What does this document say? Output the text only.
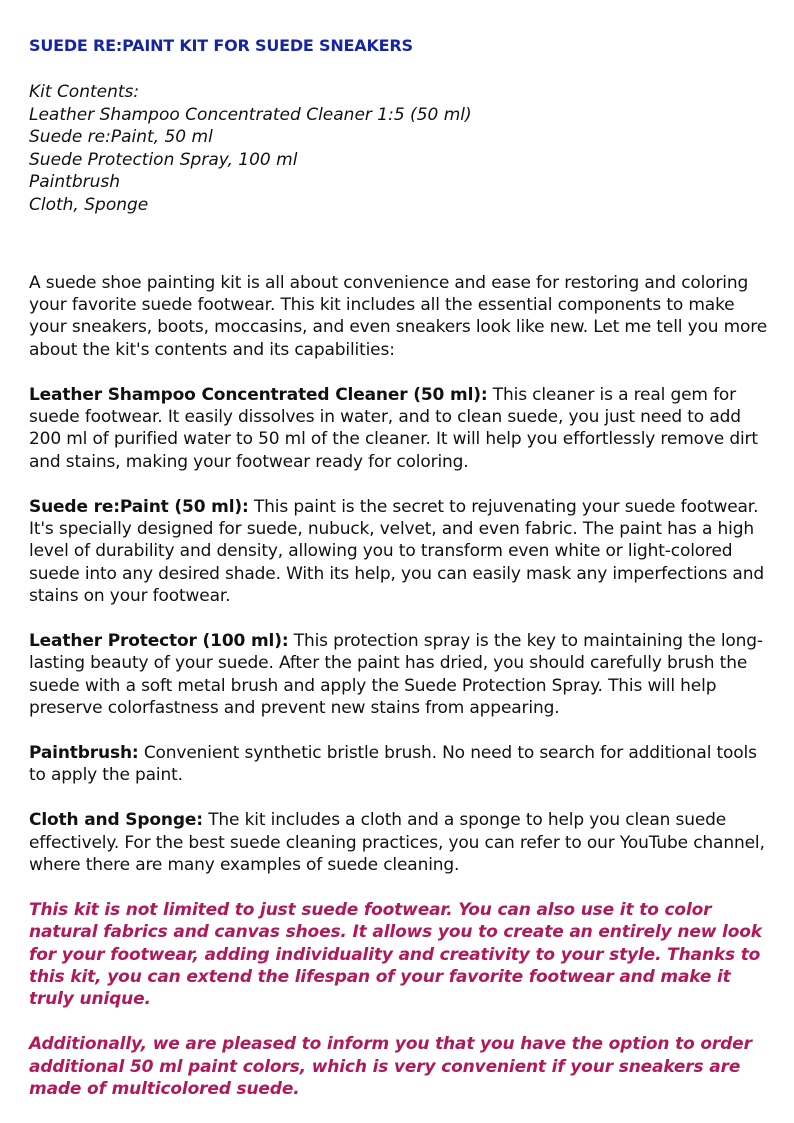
SUEDE RE:PAINT KIT FOR SUEDE SNEAKERS
Kit Contents:
Leather Shampoo Concentrated Cleaner 1:5 (50 ml)
Suede re:Paint, 50 ml
Suede Protection Spray, 100 ml
Paintbrush
Cloth, Sponge

A suede shoe painting kit is all about convenience and ease for restoring and coloring your favorite suede footwear. This kit includes all the essential components to make your sneakers, boots, moccasins, and even sneakers look like new. Let me tell you more about the kit's contents and its capabilities:

Leather Shampoo Concentrated Cleaner (50 ml): This cleaner is a real gem for suede footwear. It easily dissolves in water, and to clean suede, you just need to add 200 ml of purified water to 50 ml of the cleaner. It will help you effortlessly remove dirt and stains, making your footwear ready for coloring.

Suede re:Paint (50 ml): This paint is the secret to rejuvenating your suede footwear. It's specially designed for suede, nubuck, velvet, and even fabric. The paint has a high level of durability and density, allowing you to transform even white or light-colored suede into any desired shade. With its help, you can easily mask any imperfections and stains on your footwear.

Leather Protector (100 ml): This protection spray is the key to maintaining the long-lasting beauty of your suede. After the paint has dried, you should carefully brush the suede with a soft metal brush and apply the Suede Protection Spray. This will help preserve colorfastness and prevent new stains from appearing.

Paintbrush: Convenient synthetic bristle brush. No need to search for additional tools to apply the paint.

Cloth and Sponge: The kit includes a cloth and a sponge to help you clean suede effectively. For the best suede cleaning practices, you can refer to our YouTube channel, where there are many examples of suede cleaning.

This kit is not limited to just suede footwear. You can also use it to color natural fabrics and canvas shoes. It allows you to create an entirely new look for your footwear, adding individuality and creativity to your style. Thanks to this kit, you can extend the lifespan of your favorite footwear and make it truly unique.

Additionally, we are pleased to inform you that you have the option to order additional 50 ml paint colors, which is very convenient if your sneakers are made of multicolored suede.
